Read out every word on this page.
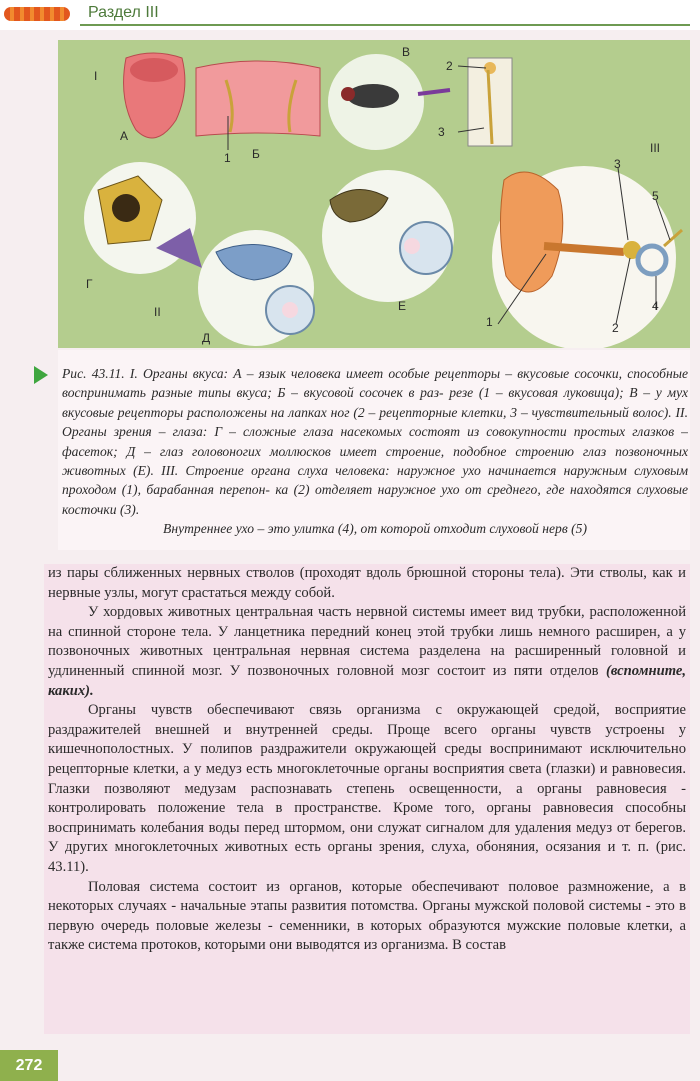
Раздел III
I
А
Б
1
В
2
3
III
Г
II
Д
Е
1	2
3
4
5

Рис. 43.11. I. Органы вкуса: А – язык человека имеет особые рецепторы – вкусовые сосочки, способные воспринимать разные типы вкуса; Б – вкусовой сосочек в раз- резе (1 – вкусовая луковица); В – у мух вкусовые рецепторы расположены на лапках ног (2 – рецепторные клетки, 3 – чувствительный волос). II. Органы зрения – глаза: Г – сложные глаза насекомых состоят из совокупности простых глазков – фасеток; Д – глаз головоногих моллюсков имеет строение, подобное строению глаз позвоночных животных (Е). III. Строение органа слуха человека: наружное ухо начинается наружным слуховым проходом (1), барабанная перепон- ка (2) отделяет наружное ухо от среднего, где находятся слуховые косточки (3).
Внутреннее ухо – это улитка (4), от которой отходит слуховой нерв (5)

из пары сближенных нервных стволов (проходят вдоль брюшной стороны тела). Эти стволы, как и нервные узлы, могут срастаться между собой.

У хордовых животных центральная часть нервной системы имеет вид трубки, расположенной на спинной стороне тела. У ланцетника передний конец этой трубки лишь немного расширен, а у позвоночных животных центральная нервная система разделена на расширенный головной и удлиненный спинной мозг. У позвоночных головной мозг состоит из пяти отделов (вспомните, каких).

Органы чувств обеспечивают связь организма с окружающей средой, восприятие раздражителей внешней и внутренней среды. Проще всего органы чувств устроены у кишечнополостных. У полипов раздражители окружающей среды воспринимают исключительно рецепторные клетки, а у медуз есть многоклеточные органы восприятия света (глазки) и равновесия. Глазки позволяют медузам распознавать степень освещенности, а органы равновесия - контролировать положение тела в пространстве. Кроме того, органы равновесия способны воспринимать колебания воды перед штормом, они служат сигналом для удаления медуз от берегов. У других многоклеточных животных есть органы зрения, слуха, обоняния, осязания и т. п. (рис. 43.11).

Половая система состоит из органов, которые обеспечивают половое размножение, а в некоторых случаях - начальные этапы развития потомства. Органы мужской половой системы - это в первую очередь половые железы - семенники, в которых образуются мужские половые клетки, а также система протоков, которыми они выводятся из организма. В состав

272
